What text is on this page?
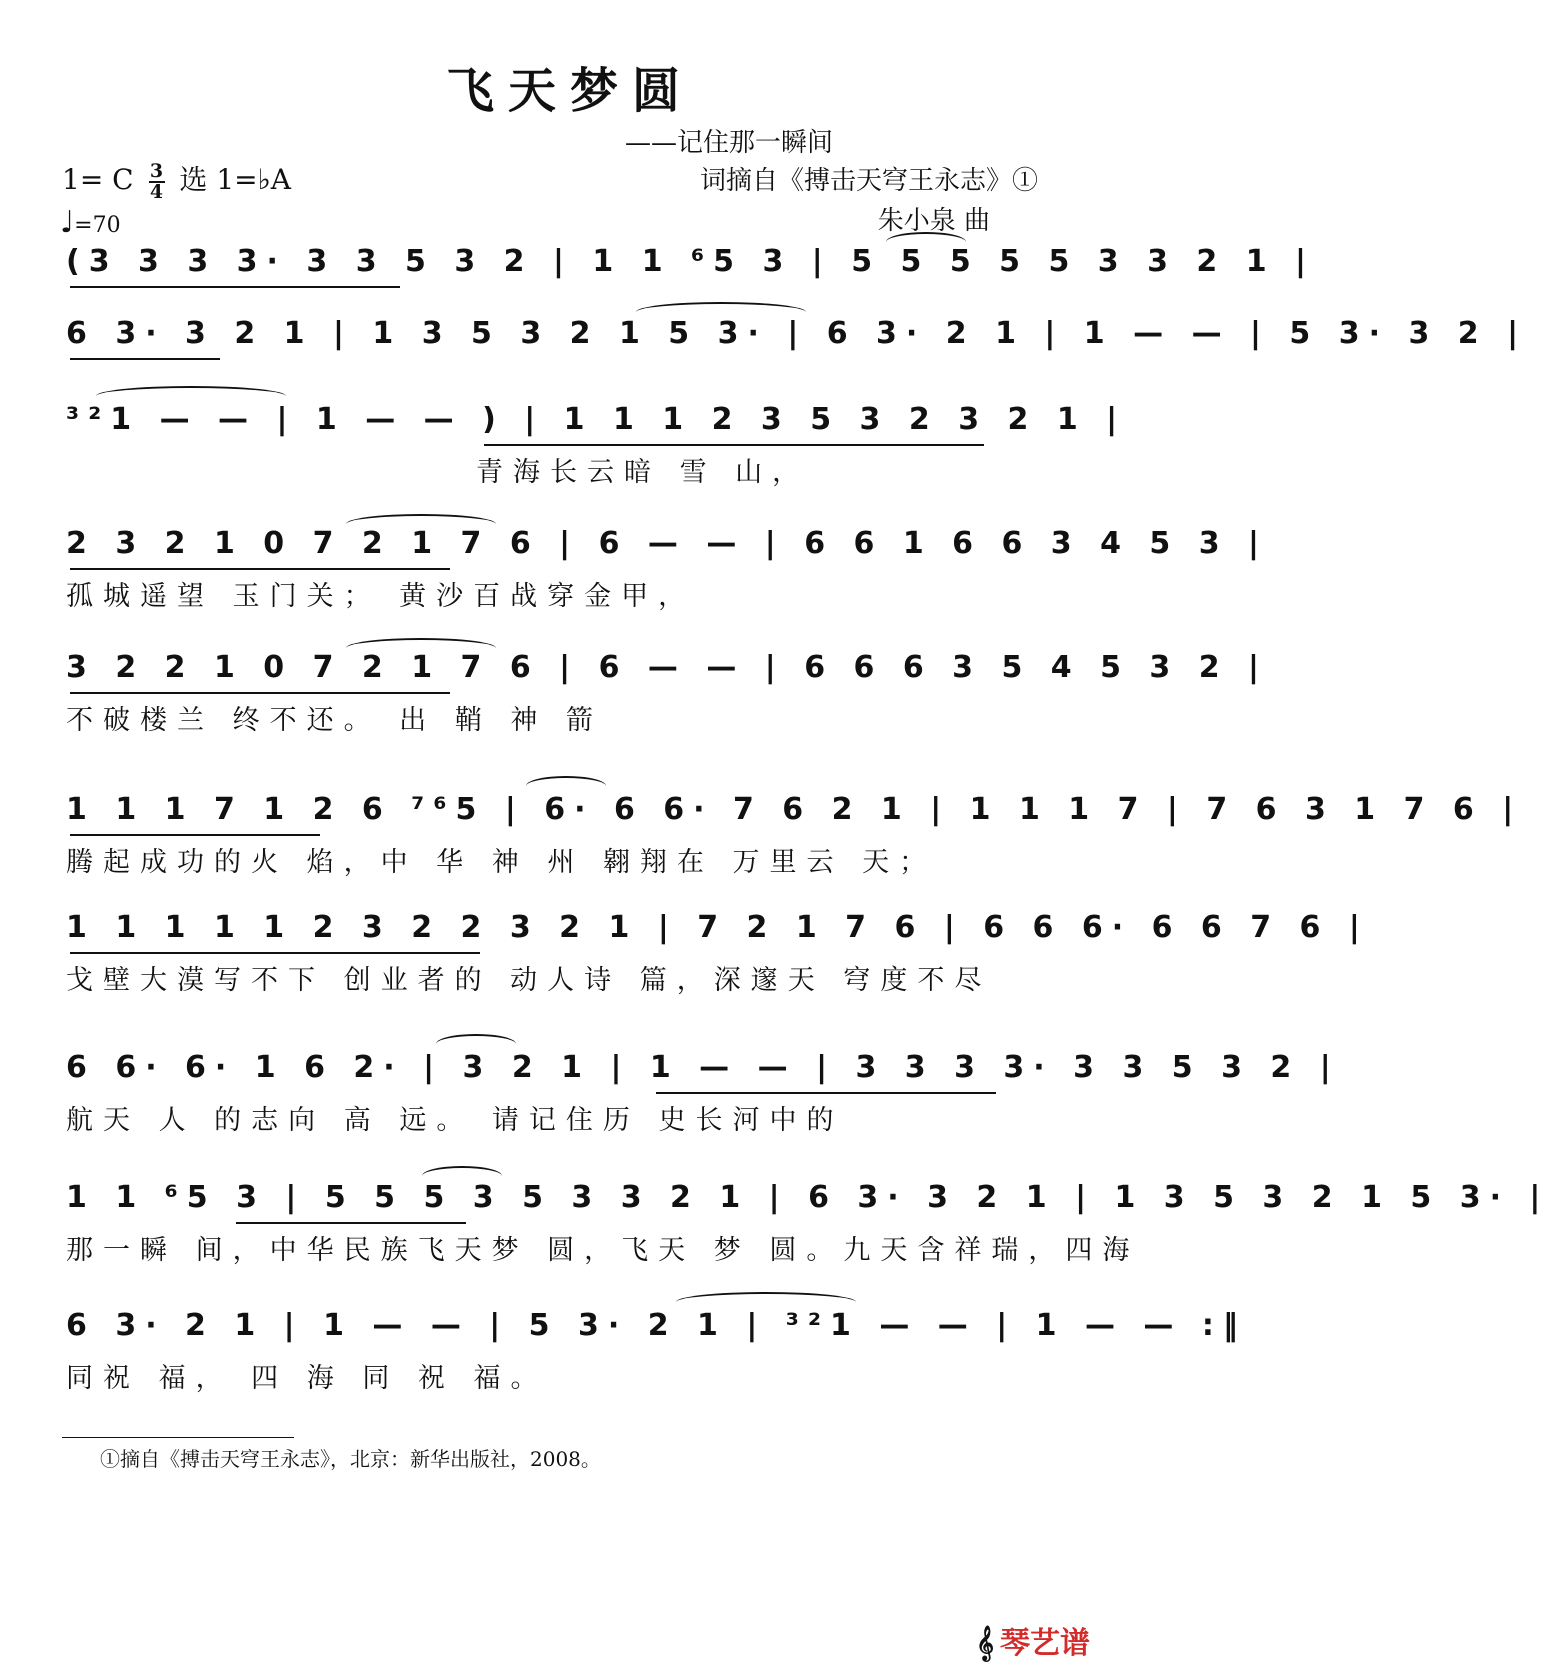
飞天梦圆
——记住那一瞬间
1= C $\frac{3}{4}$ 选 1=♭A
♩=70
词摘自《搏击天穹王永志》①
朱小泉 曲
(3 3 3 3· 3 3 5 3 2 | 1 1 ⁶5 3 | 5 5 5 5 5 3 3 2 1 |
6 3· 3 2 1 | 1 3 5 3 2 1 5 3· | 6 3· 2 1 | 1 — — | 5 3· 3 2 |
³²1 — — | 1 — — ) | 1 1 1 2 3 5 3 2 3 2 1 |
青海长云暗 雪 山，
2 3 2 1 0 7 2 1 7 6 | 6 — — | 6 6 1 6 6 3 4 5 3 |
孤城遥望 玉门关； 黄沙百战穿金甲，
3 2 2 1 0 7 2 1 7 6 | 6 — — | 6 6 6 3 5 4 5 3 2 |
不破楼兰 终不还。 出 鞘 神 箭
1 1 1 7 1 2 6 ⁷⁶5 | 6· 6 6· 7 6 2 1 | 1 1 1 7 | 7 6 3 1 7 6 |
腾起成功的火 焰，中 华 神 州 翱翔在 万里云 天；
1 1 1 1 1 2 3 2 2 3 2 1 | 7 2 1 7 6 | 6 6 6· 6 6 7 6 |
戈壁大漠写不下 创业者的 动人诗 篇，深邃天 穹度不尽
6 6· 6· 1 6 2· | 3 2 1 | 1 — — | 3 3 3 3· 3 3 5 3 2 |
航天 人 的志向 高 远。 请记住历 史长河中的
1 1 ⁶5 3 | 5 5 5 3 5 3 3 2 1 | 6 3· 3 2 1 | 1 3 5 3 2 1 5 3· |
那一瞬 间，中华民族飞天梦 圆，飞天 梦 圆。九天含祥瑞，四海
6 3· 2 1 | 1 — — | 5 3· 2 1 | ³²1 — — | 1 — — :‖
同祝 福， 四 海 同 祝 福。
①摘自《搏击天穹王永志》，北京：新华出版社，2008。
𝄞 琴艺谱
